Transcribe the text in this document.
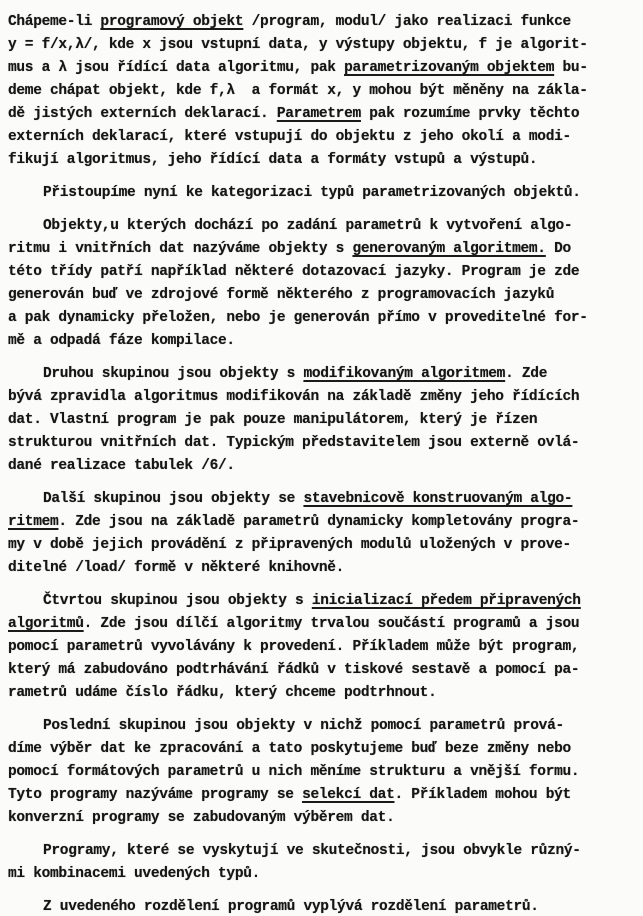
Chápeme-li programový objekt /program, modul/ jako realizaci funkce
y = f/x,λ/, kde x jsou vstupní data, y výstupy objektu, f je algorit-
mus a λ jsou řídící data algoritmu, pak parametrizovaným objektem bu-
deme chápat objekt, kde f,λ  a formát x, y mohou být měněny na zákla-
dě jistých externích deklarací. Parametrem pak rozumíme prvky těchto
externích deklarací, které vstupují do objektu z jeho okolí a modi-
fikují algoritmus, jeho řídící data a formáty vstupů a výstupů.
Přistoupíme nyní ke kategorizaci typů parametrizovaných objektů.
Objekty,u kterých dochází po zadání parametrů k vytvoření algo-
ritmu i vnitřních dat nazýváme objekty s generovaným algoritmem. Do
této třídy patří například některé dotazovací jazyky. Program je zde
generován buď ve zdrojové formě některého z programovacích jazyků
a pak dynamicky přeložen, nebo je generován přímo v proveditelné for-
mě a odpadá fáze kompilace.
Druhou skupinou jsou objekty s modifikovaným algoritmem. Zde
bývá zpravidla algoritmus modifikován na základě změny jeho řídících
dat. Vlastní program je pak pouze manipulátorem, který je řízen
strukturou vnitřních dat. Typickým představitelem jsou externě ovlá-
dané realizace tabulek /6/.
Další skupinou jsou objekty se stavebnicově konstruovaným algo-
ritmem. Zde jsou na základě parametrů dynamicky kompletovány progra-
my v době jejich provádění z připravených modulů uložených v prove-
ditelné /load/ formě v některé knihovně.
Čtvrtou skupinou jsou objekty s inicializací předem připravených
algoritmů. Zde jsou dílčí algoritmy trvalou součástí programů a jsou
pomocí parametrů vyvolávány k provedení. Příkladem může být program,
který má zabudováno podtrhávání řádků v tiskové sestavě a pomocí pa-
rametrů udáme číslo řádku, který chceme podtrhnout.
Poslední skupinou jsou objekty v nichž pomocí parametrů prová-
díme výběr dat ke zpracování a tato poskytujeme buď beze změny nebo
pomocí formátových parametrů u nich měníme strukturu a vnější formu.
Tyto programy nazýváme programy se selekcí dat. Příkladem mohou být
konverzní programy se zabudovaným výběrem dat.
Programy, které se vyskytují ve skutečnosti, jsou obvykle různý-
mi kombinacemi uvedených typů.
Z uvedeného rozdělení programů vyplývá rozdělení parametrů.
